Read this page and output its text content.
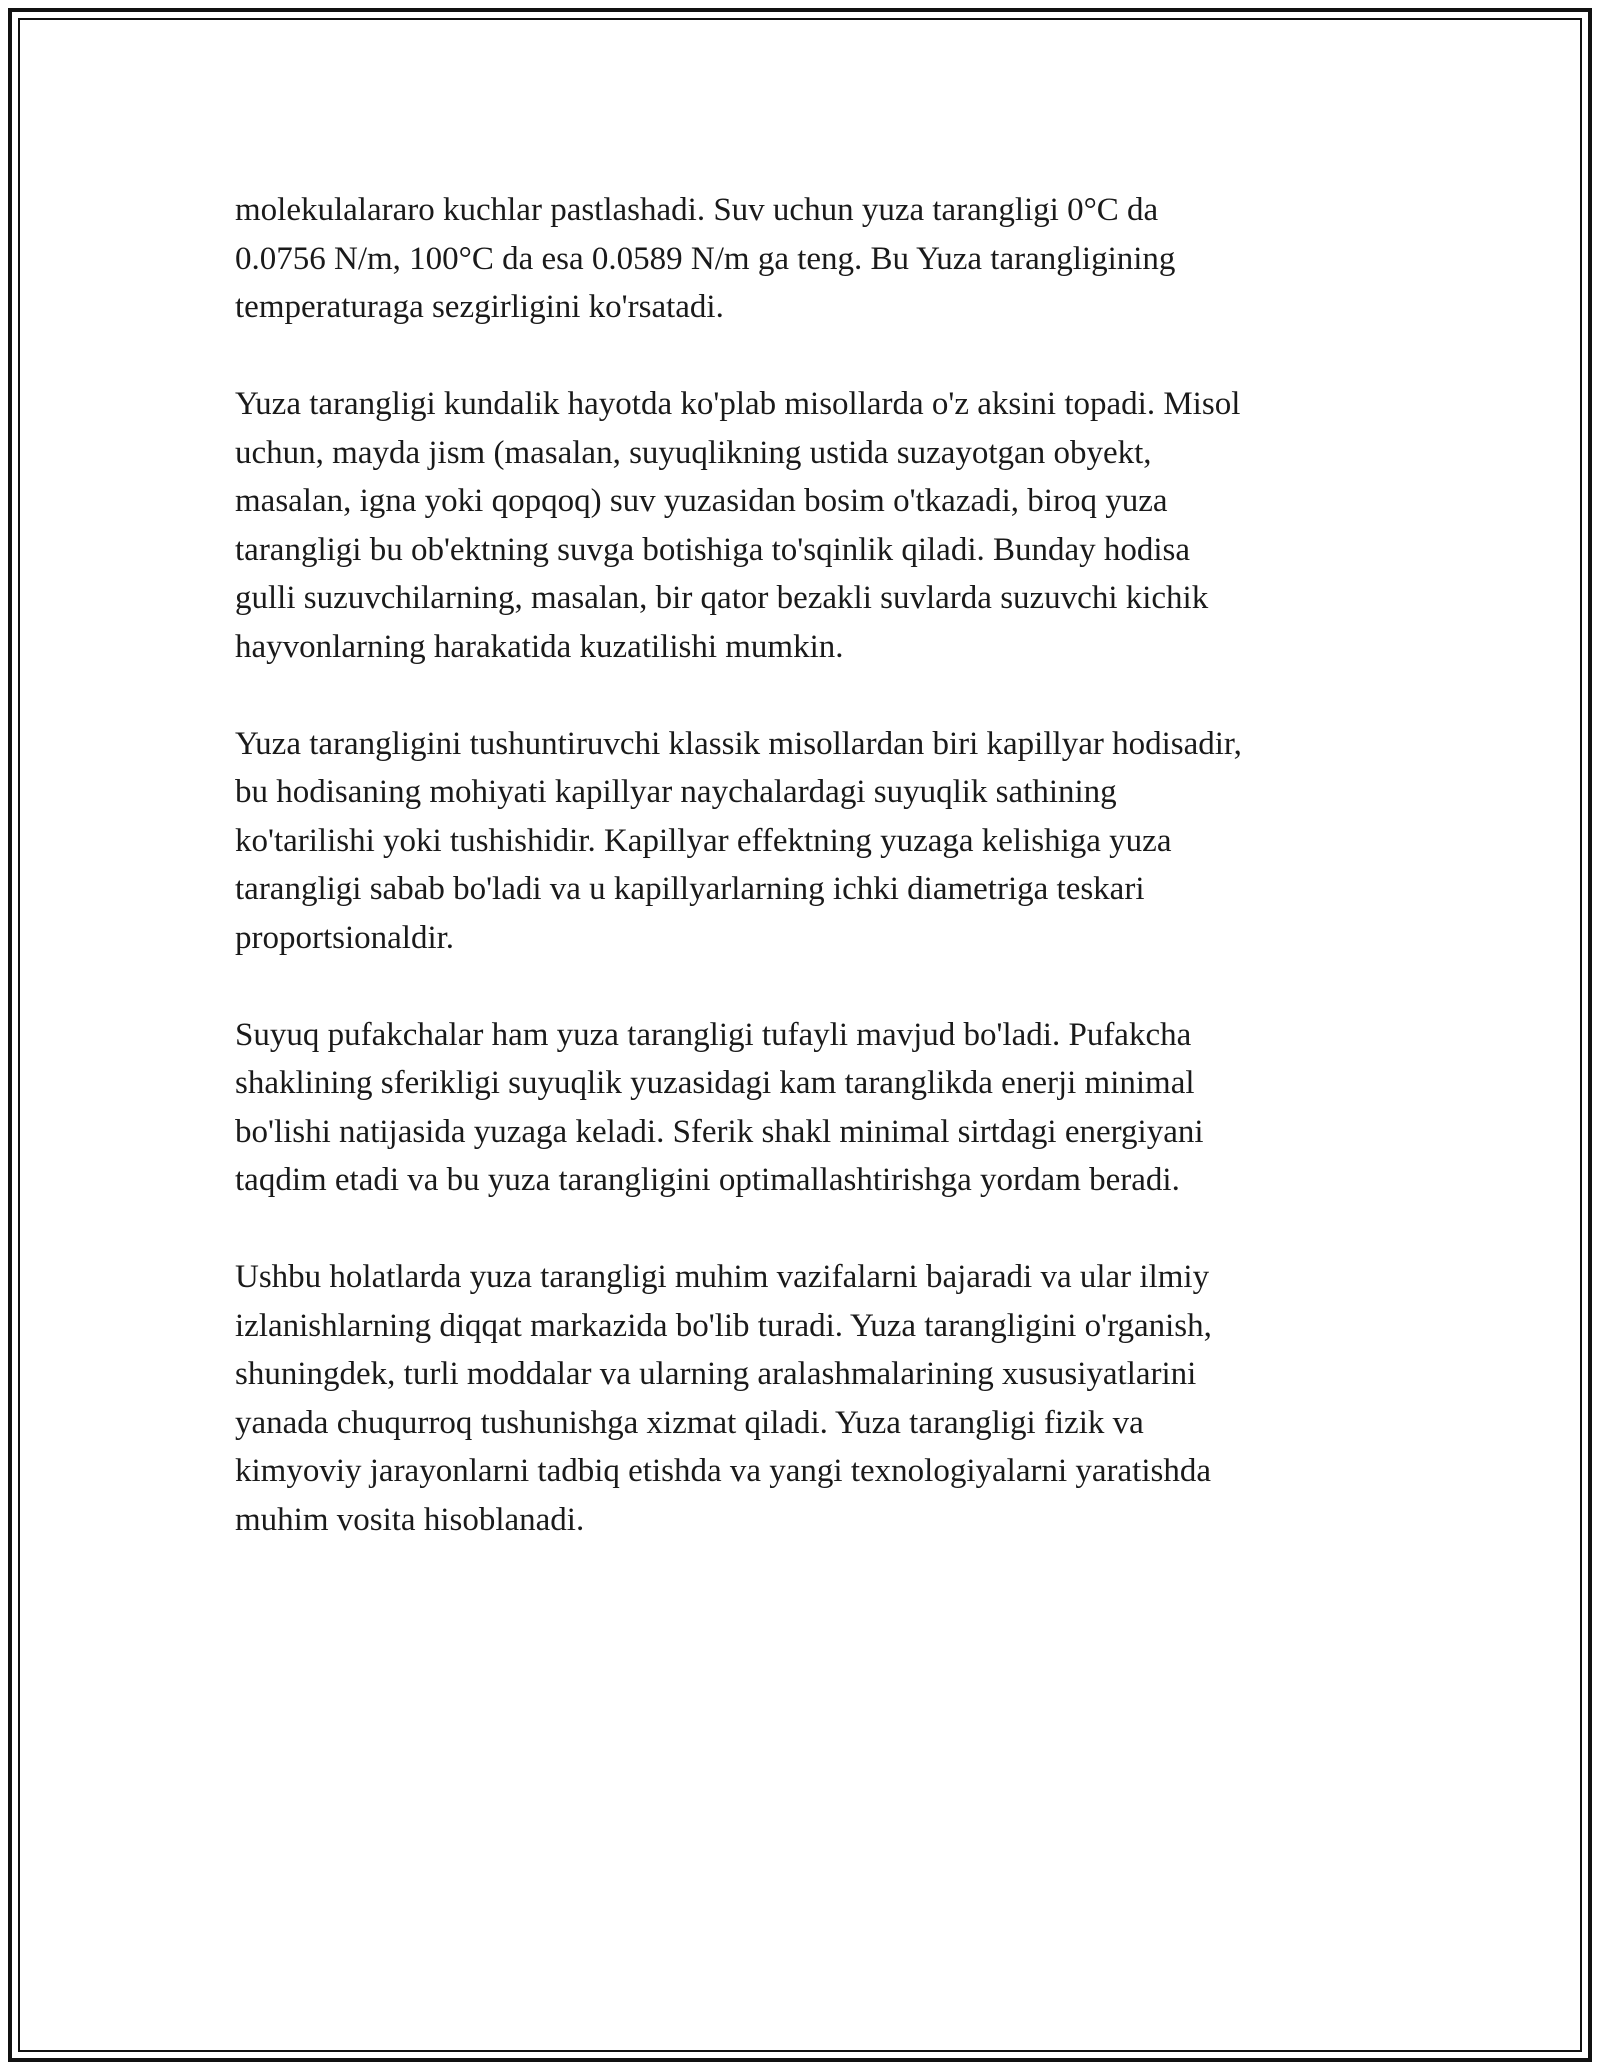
molekulalararo kuchlar pastlashadi. Suv uchun yuza tarangligi 0°C da
0.0756 N/m, 100°C da esa 0.0589 N/m ga teng. Bu Yuza tarangligining
temperaturaga sezgirligini ko'rsatadi.

Yuza tarangligi kundalik hayotda ko'plab misollarda o'z aksini topadi. Misol
uchun, mayda jism (masalan, suyuqlikning ustida suzayotgan obyekt,
masalan, igna yoki qopqoq) suv yuzasidan bosim o'tkazadi, biroq yuza
tarangligi bu ob'ektning suvga botishiga to'sqinlik qiladi. Bunday hodisa
gulli suzuvchilarning, masalan, bir qator bezakli suvlarda suzuvchi kichik
hayvonlarning harakatida kuzatilishi mumkin.

Yuza tarangligini tushuntiruvchi klassik misollardan biri kapillyar hodisadir,
bu hodisaning mohiyati kapillyar naychalardagi suyuqlik sathining
ko'tarilishi yoki tushishidir. Kapillyar effektning yuzaga kelishiga yuza
tarangligi sabab bo'ladi va u kapillyarlarning ichki diametriga teskari
proportsionaldir.

Suyuq pufakchalar ham yuza tarangligi tufayli mavjud bo'ladi. Pufakcha
shaklining sferikligi suyuqlik yuzasidagi kam taranglikda enerji minimal
bo'lishi natijasida yuzaga keladi. Sferik shakl minimal sirtdagi energiyani
taqdim etadi va bu yuza tarangligini optimallashtirishga yordam beradi.

Ushbu holatlarda yuza tarangligi muhim vazifalarni bajaradi va ular ilmiy
izlanishlarning diqqat markazida bo'lib turadi. Yuza tarangligini o'rganish,
shuningdek, turli moddalar va ularning aralashmalarining xususiyatlarini
yanada chuqurroq tushunishga xizmat qiladi. Yuza tarangligi fizik va
kimyoviy jarayonlarni tadbiq etishda va yangi texnologiyalarni yaratishda
muhim vosita hisoblanadi.
